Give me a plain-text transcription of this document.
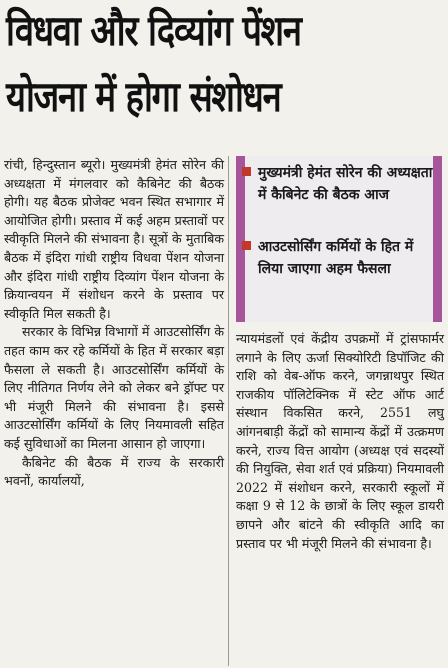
विधवा और दिव्यांग पेंशन
योजना में होगा संशोधन

रांची, हिन्दुस्तान ब्यूरो। मुख्यमंत्री हेमंत सोरेन की अध्यक्षता में मंगलवार को कैबिनेट की बैठक होगी। यह बैठक प्रोजेक्ट भवन स्थित सभागार में आयोजित होगी। प्रस्ताव में कई अहम प्रस्तावों पर स्वीकृति मिलने की संभावना है। सूत्रों के मुताबिक बैठक में इंदिरा गांधी राष्ट्रीय विधवा पेंशन योजना और इंदिरा गांधी राष्ट्रीय दिव्यांग पेंशन योजना के क्रियान्वयन में संशोधन करने के प्रस्ताव पर स्वीकृति मिल सकती है।

सरकार के विभिन्न विभागों में आउटसोर्सिंग के तहत काम कर रहे कर्मियों के हित में सरकार बड़ा फैसला ले सकती है। आउटसोर्सिंग कर्मियों के लिए नीतिगत निर्णय लेने को लेकर बने ड्रॉफ्ट पर भी मंजूरी मिलने की संभावना है। इससे आउटसोर्सिंग कर्मियों के लिए नियमावली सहित कई सुविधाओं का मिलना आसान हो जाएगा।

कैबिनेट की बैठक में राज्य के सरकारी भवनों, कार्यालयों,

मुख्यमंत्री हेमंत सोरेन की अध्यक्षता में कैबिनेट की बैठक आज
आउटसोर्सिंग कर्मियों के हित में लिया जाएगा अहम फैसला

न्यायमंडलों एवं केंद्रीय उपक्रमों में ट्रांसफार्मर लगाने के लिए ऊर्जा सिक्योरिटी डिपॉजिट की राशि को वेब-ऑफ करने, जगन्नाथपुर स्थित राजकीय पॉलिटेक्निक में स्टेट ऑफ आर्ट संस्थान विकसित करने, 2551 लघु आंगनबाड़ी केंद्रों को सामान्य केंद्रों में उत्क्रमण करने, राज्य वित्त आयोग (अध्यक्ष एवं सदस्यों की नियुक्ति, सेवा शर्त एवं प्रक्रिया) नियमावली 2022 में संशोधन करने, सरकारी स्कूलों में कक्षा 9 से 12 के छात्रों के लिए स्कूल डायरी छापने और बांटने की स्वीकृति आदि का प्रस्ताव पर भी मंजूरी मिलने की संभावना है।
